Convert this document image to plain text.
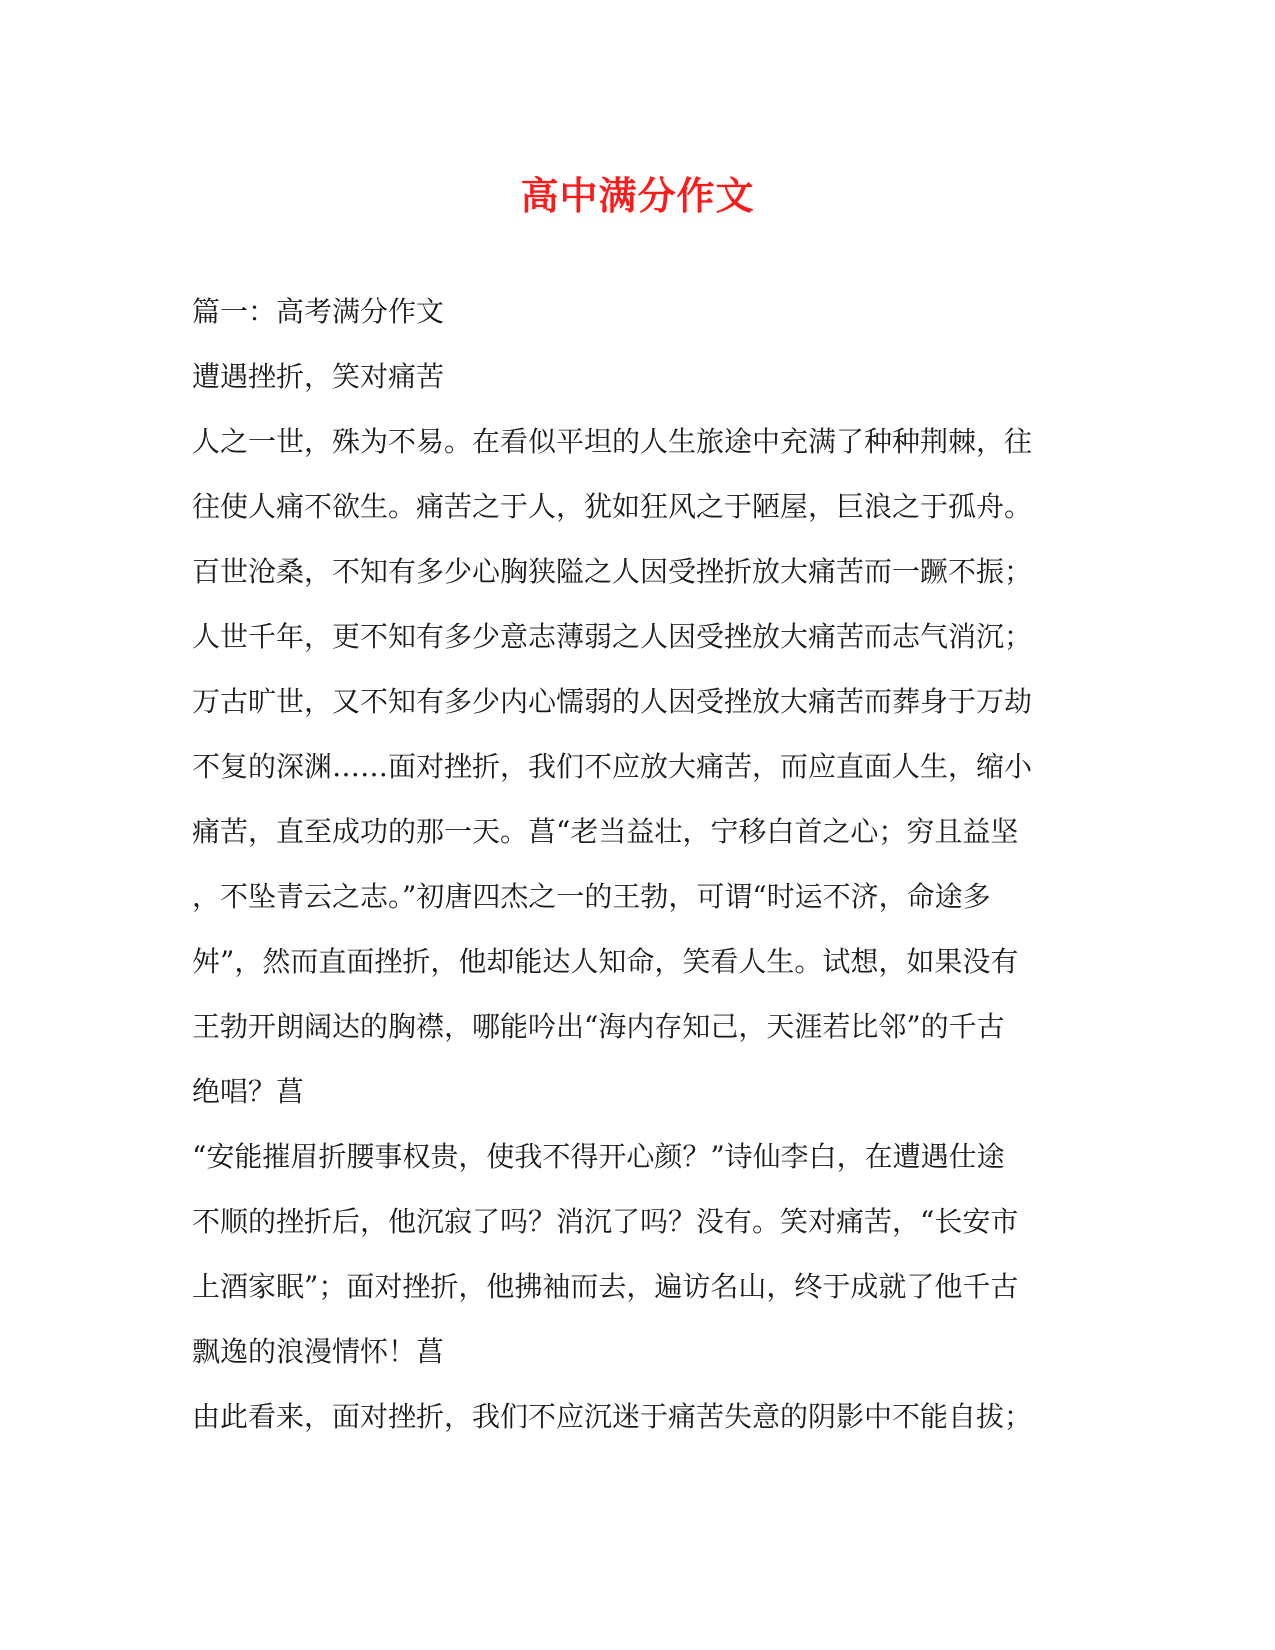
高中满分作文
篇一：高考满分作文
遭遇挫折，笑对痛苦
人之一世，殊为不易。在看似平坦的人生旅途中充满了种种荆棘，往
往使人痛不欲生。痛苦之于人，犹如狂风之于陋屋，巨浪之于孤舟。
百世沧桑，不知有多少心胸狭隘之人因受挫折放大痛苦而一蹶不振；
人世千年，更不知有多少意志薄弱之人因受挫放大痛苦而志气消沉；
万古旷世，又不知有多少内心懦弱的人因受挫放大痛苦而葬身于万劫
不复的深渊……面对挫折，我们不应放大痛苦，而应直面人生，缩小
痛苦，直至成功的那一天。菖“老当益壮，宁移白首之心；穷且益坚
，不坠青云之志。”初唐四杰之一的王勃，可谓“时运不济，命途多
舛”，然而直面挫折，他却能达人知命，笑看人生。试想，如果没有
王勃开朗阔达的胸襟，哪能吟出“海内存知己，天涯若比邻”的千古
绝唱？菖
“安能摧眉折腰事权贵，使我不得开心颜？”诗仙李白，在遭遇仕途
不顺的挫折后，他沉寂了吗？消沉了吗？没有。笑对痛苦，“长安市
上酒家眠”；面对挫折，他拂袖而去，遍访名山，终于成就了他千古
飘逸的浪漫情怀！菖
由此看来，面对挫折，我们不应沉迷于痛苦失意的阴影中不能自拔；
